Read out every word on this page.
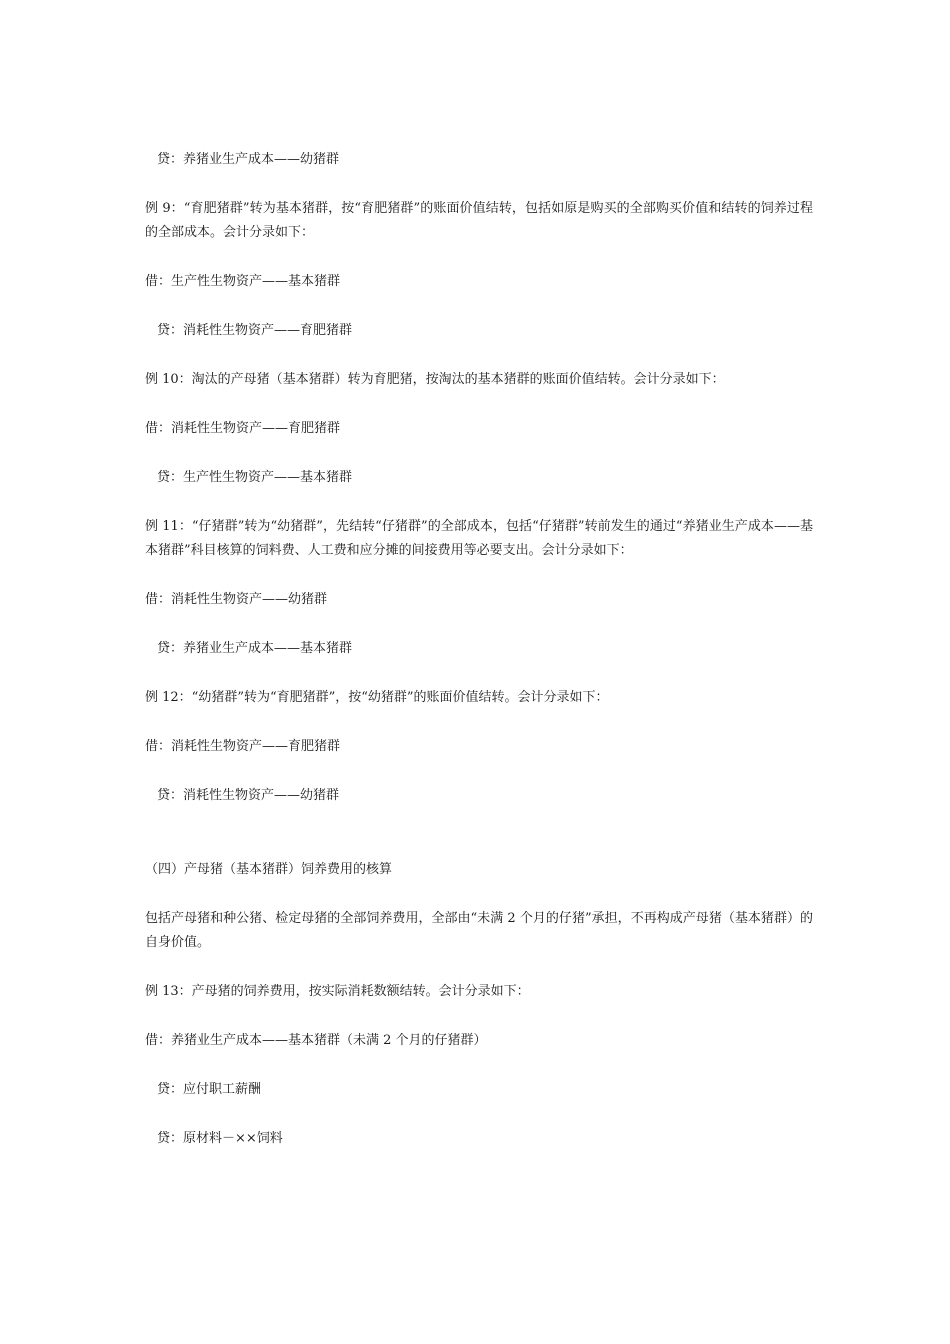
贷：养猪业生产成本——幼猪群

例 9：“育肥猪群”转为基本猪群，按“育肥猪群”的账面价值结转，包括如原是购买的全部购买价值和结转的饲养过程的全部成本。会计分录如下：

借：生产性生物资产——基本猪群

贷：消耗性生物资产——育肥猪群

例 10：淘汰的产母猪（基本猪群）转为育肥猪，按淘汰的基本猪群的账面价值结转。会计分录如下：

借：消耗性生物资产——育肥猪群

贷：生产性生物资产——基本猪群

例 11：“仔猪群”转为“幼猪群”，先结转“仔猪群”的全部成本，包括“仔猪群”转前发生的通过“养猪业生产成本——基本猪群”科目核算的饲料费、人工费和应分摊的间接费用等必要支出。会计分录如下：

借：消耗性生物资产——幼猪群

贷：养猪业生产成本——基本猪群

例 12：“幼猪群”转为“育肥猪群”，按“幼猪群”的账面价值结转。会计分录如下：

借：消耗性生物资产——育肥猪群

贷：消耗性生物资产——幼猪群

（四）产母猪（基本猪群）饲养费用的核算

包括产母猪和种公猪、检定母猪的全部饲养费用，全部由“未满 2 个月的仔猪”承担，不再构成产母猪（基本猪群）的自身价值。

例 13：产母猪的饲养费用，按实际消耗数额结转。会计分录如下：

借：养猪业生产成本——基本猪群（未满 2 个月的仔猪群）

贷：应付职工薪酬

贷：原材料－××饲料
